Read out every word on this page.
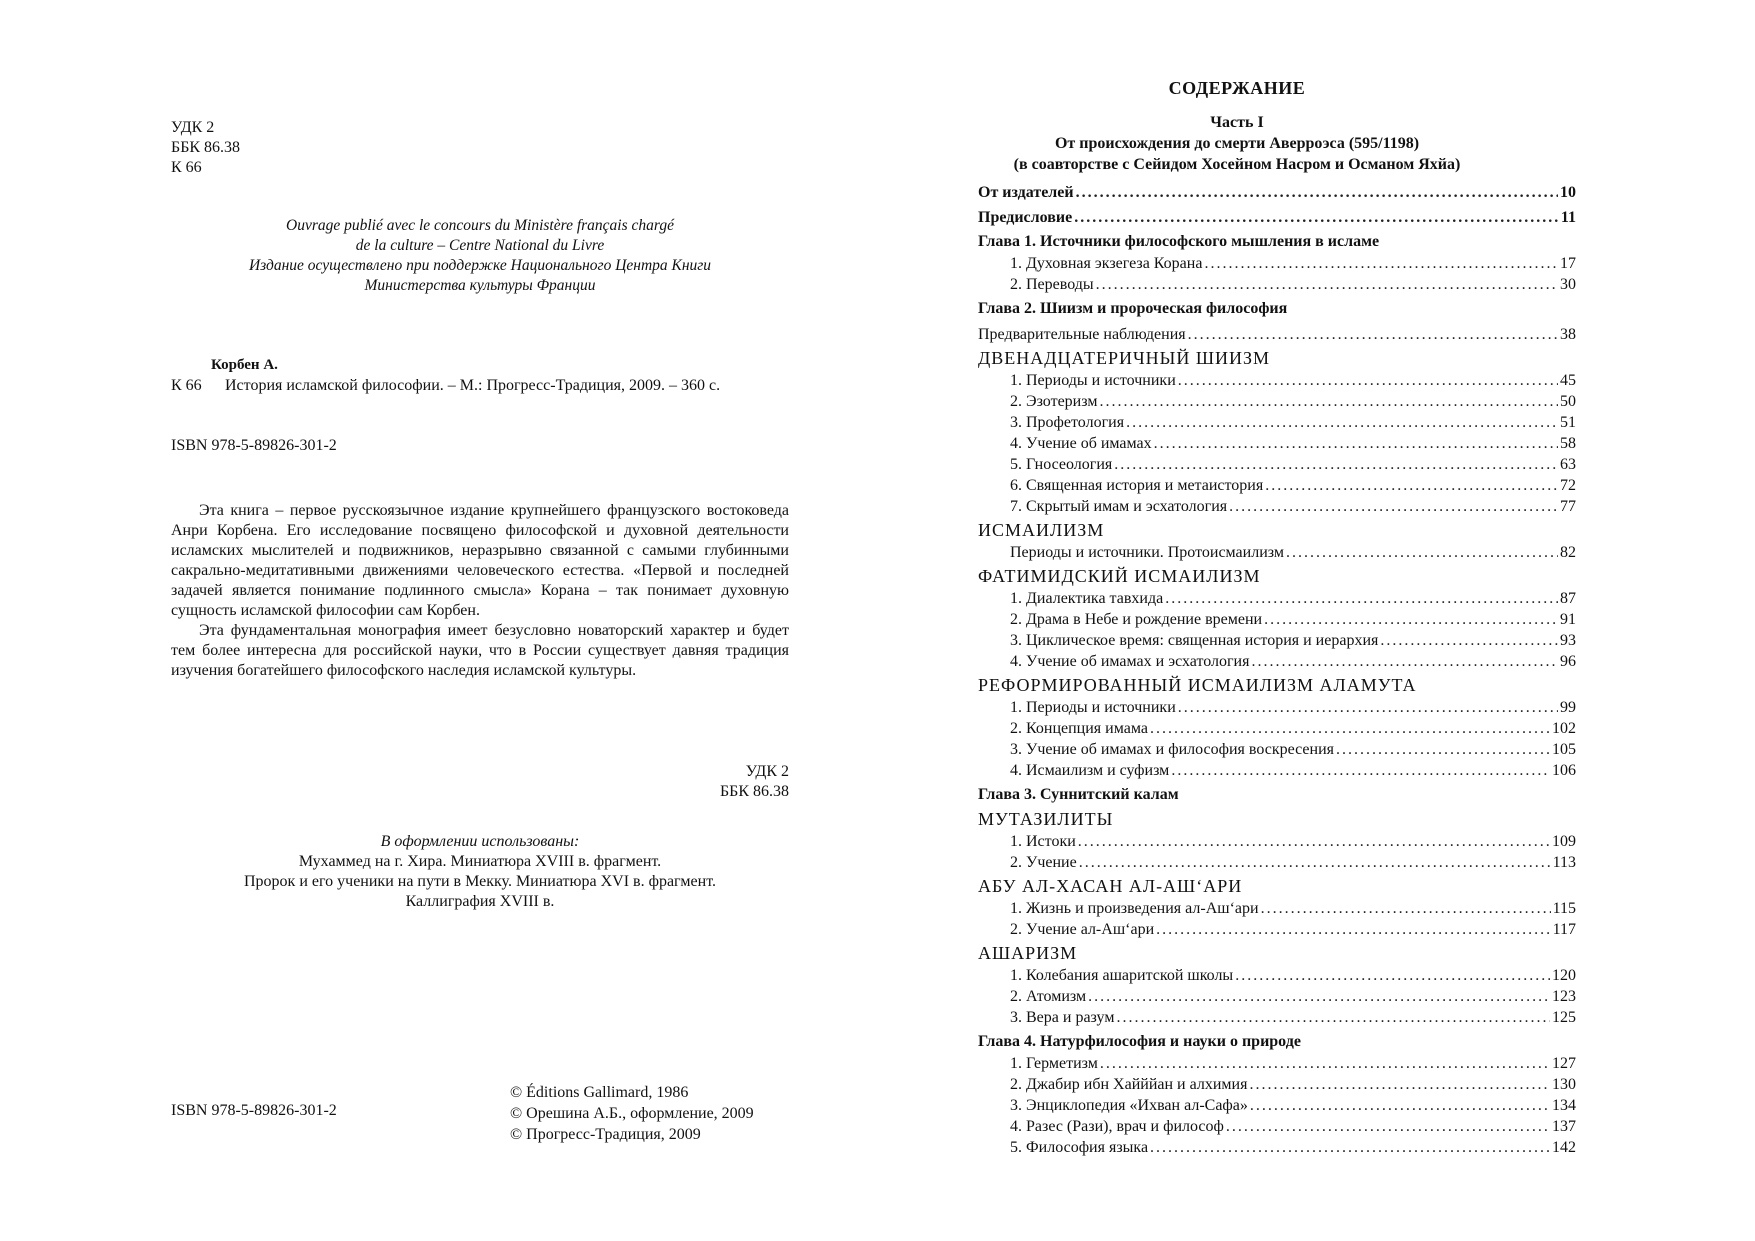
УДК 2
ББК 86.38
К 66
Ouvrage publié avec le concours du Ministère français chargé
de la culture – Centre National du Livre
Издание осуществлено при поддержке Национального Центра Книги
Министерства культуры Франции
Корбен А.
К 66 История исламской философии. – М.: Прогресс-Традиция, 2009. – 360 с.
ISBN 978-5-89826-301-2

Эта книга – первое русскоязычное издание крупнейшего французского востоковеда Анри Корбена. Его исследование посвящено философской и духовной деятельности исламских мыслителей и подвижников, неразрывно связанной с самыми глубинными сакрально-медитативными движениями человеческого естества. «Первой и последней задачей является понимание подлинного смысла» Корана – так понимает духовную сущность исламской философии сам Корбен.

Эта фундаментальная монография имеет безусловно новаторский характер и будет тем более интересна для российской науки, что в России существует давняя традиция изучения богатейшего философского наследия исламской культуры.

УДК 2
ББК 86.38
В оформлении использованы:
Мухаммед на г. Хира. Миниатюра XVIII в. фрагмент.
Пророк и его ученики на пути в Мекку. Миниатюра XVI в. фрагмент.
Каллиграфия XVIII в.
ISBN 978-5-89826-301-2
© Éditions Gallimard, 1986
© Орешина А.Б., оформление, 2009
© Прогресс-Традиция, 2009
СОДЕРЖАНИЕ
Часть I
От происхождения до смерти Аверроэса (595/1198)
(в соавторстве с Сейидом Хосейном Насром и Османом Яхйа)
От издателей . . .	10
Предисловие . . .	11
Глава 1. Источники философского мышления в исламе
1. Духовная экзегеза Корана . . .	17
2. Переводы . . .	30
Глава 2. Шиизм и пророческая философия
Предварительные наблюдения . . .	38
ДВЕНАДЦАТЕРИЧНЫЙ ШИИЗМ
1. Периоды и источники . . .	45
2. Эзотеризм . . .	50
3. Профетология . . .	51
4. Учение об имамах . . .	58
5. Гносеология . . .	63
6. Священная история и метаистория . . .	72
7. Скрытый имам и эсхатология . . .	77
ИСМАИЛИЗМ
Периоды и источники. Протоисмаилизм . . .	82
ФАТИМИДСКИЙ ИСМАИЛИЗМ
1. Диалектика тавхида . . .	87
2. Драма в Небе и рождение времени . . .	91
3. Циклическое время: священная история и иерархия . . .	93
4. Учение об имамах и эсхатология . . .	96
РЕФОРМИРОВАННЫЙ ИСМАИЛИЗМ АЛАМУТА
1. Периоды и источники . . .	99
2. Концепция имама . . .	102
3. Учение об имамах и философия воскресения . . .	105
4. Исмаилизм и суфизм . . .	106
Глава 3. Суннитский калам
МУТАЗИЛИТЫ
1. Истоки . . .	109
2. Учение . . .	113
АБУ АЛ-ХАСАН АЛ-АШ‘АРИ
1. Жизнь и произведения ал-Аш‘ари . . .	115
2. Учение ал-Аш‘ари . . .	117
АШАРИЗМ
1. Колебания ашаритской школы . . .	120
2. Атомизм . . .	123
3. Вера и разум . . .	125
Глава 4. Натурфилософия и науки о природе
1. Герметизм . . .	127
2. Джабир ибн Хайййан и алхимия . . .	130
3. Энциклопедия «Ихван ал-Сафа» . . .	134
4. Разес (Рази), врач и философ . . .	137
5. Философия языка . . .	142
